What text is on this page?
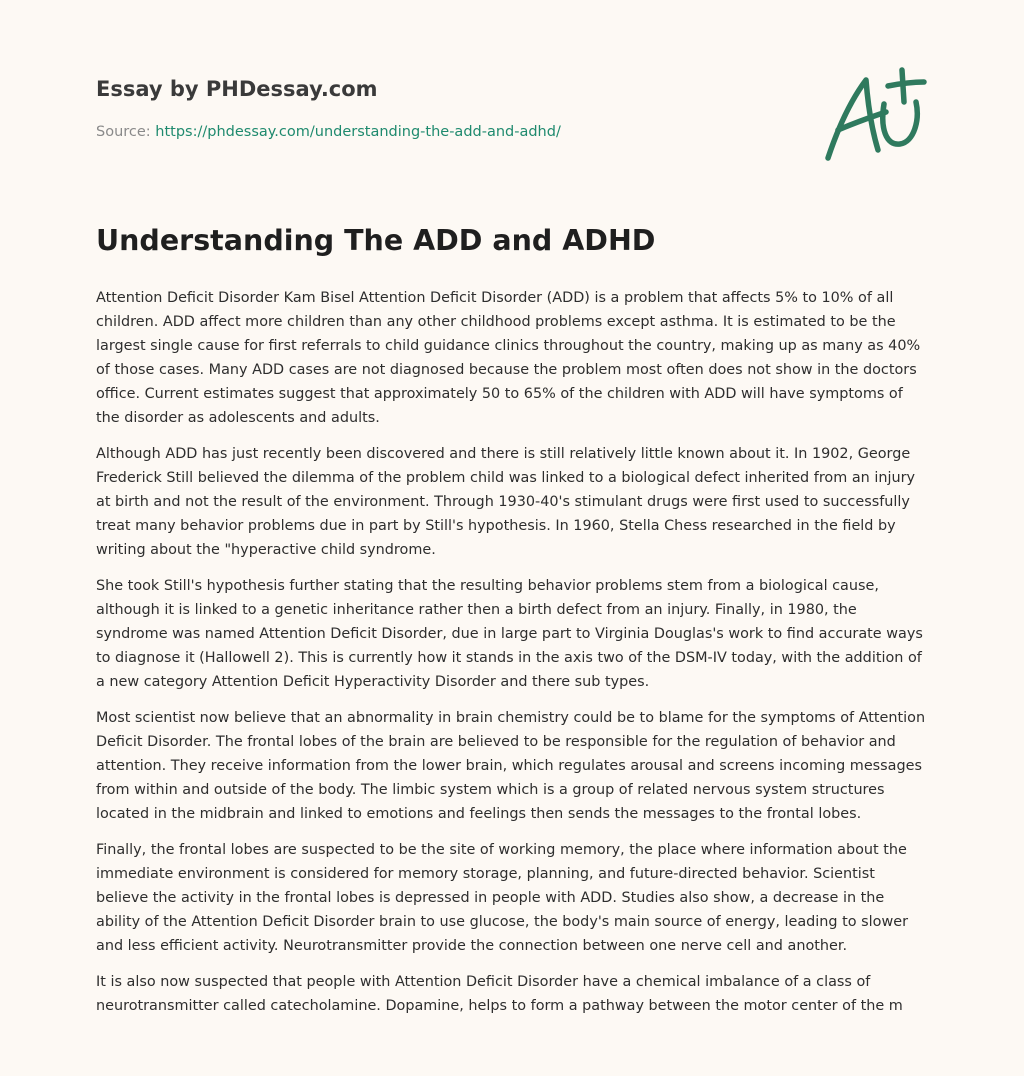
Essay by PHDessay.com
Source: https://phdessay.com/understanding-the-add-and-adhd/
Understanding The ADD and ADHD

Attention Deficit Disorder Kam Bisel Attention Deficit Disorder (ADD) is a problem that affects 5% to 10% of all children. ADD affect more children than any other childhood problems except asthma. It is estimated to be the largest single cause for first referrals to child guidance clinics throughout the country, making up as many as 40% of those cases. Many ADD cases are not diagnosed because the problem most often does not show in the doctors office. Current estimates suggest that approximately 50 to 65% of the children with ADD will have symptoms of the disorder as adolescents and adults.

Although ADD has just recently been discovered and there is still relatively little known about it. In 1902, George Frederick Still believed the dilemma of the problem child was linked to a biological defect inherited from an injury at birth and not the result of the environment. Through 1930-40's stimulant drugs were first used to successfully treat many behavior problems due in part by Still's hypothesis. In 1960, Stella Chess researched in the field by writing about the "hyperactive child syndrome.

She took Still's hypothesis further stating that the resulting behavior problems stem from a biological cause, although it is linked to a genetic inheritance rather then a birth defect from an injury. Finally, in 1980, the syndrome was named Attention Deficit Disorder, due in large part to Virginia Douglas's work to find accurate ways to diagnose it (Hallowell 2). This is currently how it stands in the axis two of the DSM-IV today, with the addition of a new category Attention Deficit Hyperactivity Disorder and there sub types.

Most scientist now believe that an abnormality in brain chemistry could be to blame for the symptoms of Attention Deficit Disorder. The frontal lobes of the brain are believed to be responsible for the regulation of behavior and attention. They receive information from the lower brain, which regulates arousal and screens incoming messages from within and outside of the body. The limbic system which is a group of related nervous system structures located in the midbrain and linked to emotions and feelings then sends the messages to the frontal lobes.

Finally, the frontal lobes are suspected to be the site of working memory, the place where information about the immediate environment is considered for memory storage, planning, and future-directed behavior. Scientist believe the activity in the frontal lobes is depressed in people with ADD. Studies also show, a decrease in the ability of the Attention Deficit Disorder brain to use glucose, the body's main source of energy, leading to slower and less efficient activity. Neurotransmitter provide the connection between one nerve cell and another.

It is also now suspected that people with Attention Deficit Disorder have a chemical imbalance of a class of neurotransmitter called catecholamine. Dopamine, helps to form a pathway between the motor center of the m
